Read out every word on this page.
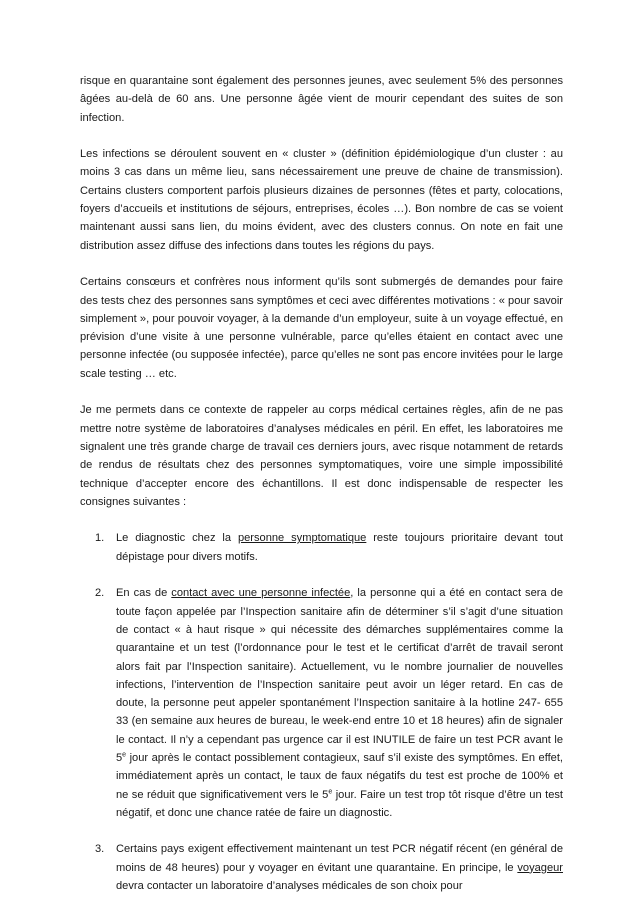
risque en quarantaine sont également des personnes jeunes, avec seulement 5% des personnes âgées au-delà de 60 ans. Une personne âgée vient de mourir cependant des suites de son infection.

Les infections se déroulent souvent en « cluster » (définition épidémiologique d’un cluster : au moins 3 cas dans un même lieu, sans nécessairement une preuve de chaine de transmission). Certains clusters comportent parfois plusieurs dizaines de personnes (fêtes et party, colocations, foyers d’accueils et institutions de séjours, entreprises, écoles …). Bon nombre de cas se voient maintenant aussi sans lien, du moins évident, avec des clusters connus. On note en fait une distribution assez diffuse des infections dans toutes les régions du pays.

Certains consœurs et confrères nous informent qu’ils sont submergés de demandes pour faire des tests chez des personnes sans symptômes et ceci avec différentes motivations : « pour savoir simplement », pour pouvoir voyager, à la demande d’un employeur, suite à un voyage effectué, en prévision d’une visite à une personne vulnérable, parce qu’elles étaient en contact avec une personne infectée (ou supposée infectée), parce qu’elles ne sont pas encore invitées pour le large scale testing … etc.

Je me permets dans ce contexte de rappeler au corps médical certaines règles, afin de ne pas mettre notre système de laboratoires d’analyses médicales en péril. En effet, les laboratoires me signalent une très grande charge de travail ces derniers jours, avec risque notamment de retards de rendus de résultats chez des personnes symptomatiques, voire une simple impossibilité technique d’accepter encore des échantillons. Il est donc indispensable de respecter les consignes suivantes :

1. Le diagnostic chez la personne symptomatique reste toujours prioritaire devant tout dépistage pour divers motifs.
2. En cas de contact avec une personne infectée, la personne qui a été en contact sera de toute façon appelée par l’Inspection sanitaire afin de déterminer s’il s’agit d’une situation de contact « à haut risque » qui nécessite des démarches supplémentaires comme la quarantaine et un test (l’ordonnance pour le test et le certificat d’arrêt de travail seront alors fait par l’Inspection sanitaire). Actuellement, vu le nombre journalier de nouvelles infections, l’intervention de l’Inspection sanitaire peut avoir un léger retard. En cas de doute, la personne peut appeler spontanément l’Inspection sanitaire à la hotline 247- 655 33 (en semaine aux heures de bureau, le week-end entre 10 et 18 heures) afin de signaler le contact. Il n’y a cependant pas urgence car il est INUTILE de faire un test PCR avant le 5e jour après le contact possiblement contagieux, sauf s’il existe des symptômes. En effet, immédiatement après un contact, le taux de faux négatifs du test est proche de 100% et ne se réduit que significativement vers le 5e jour. Faire un test trop tôt risque d’être un test négatif, et donc une chance ratée de faire un diagnostic.
3. Certains pays exigent effectivement maintenant un test PCR négatif récent (en général de moins de 48 heures) pour y voyager en évitant une quarantaine. En principe, le voyageur devra contacter un laboratoire d’analyses médicales de son choix pour
